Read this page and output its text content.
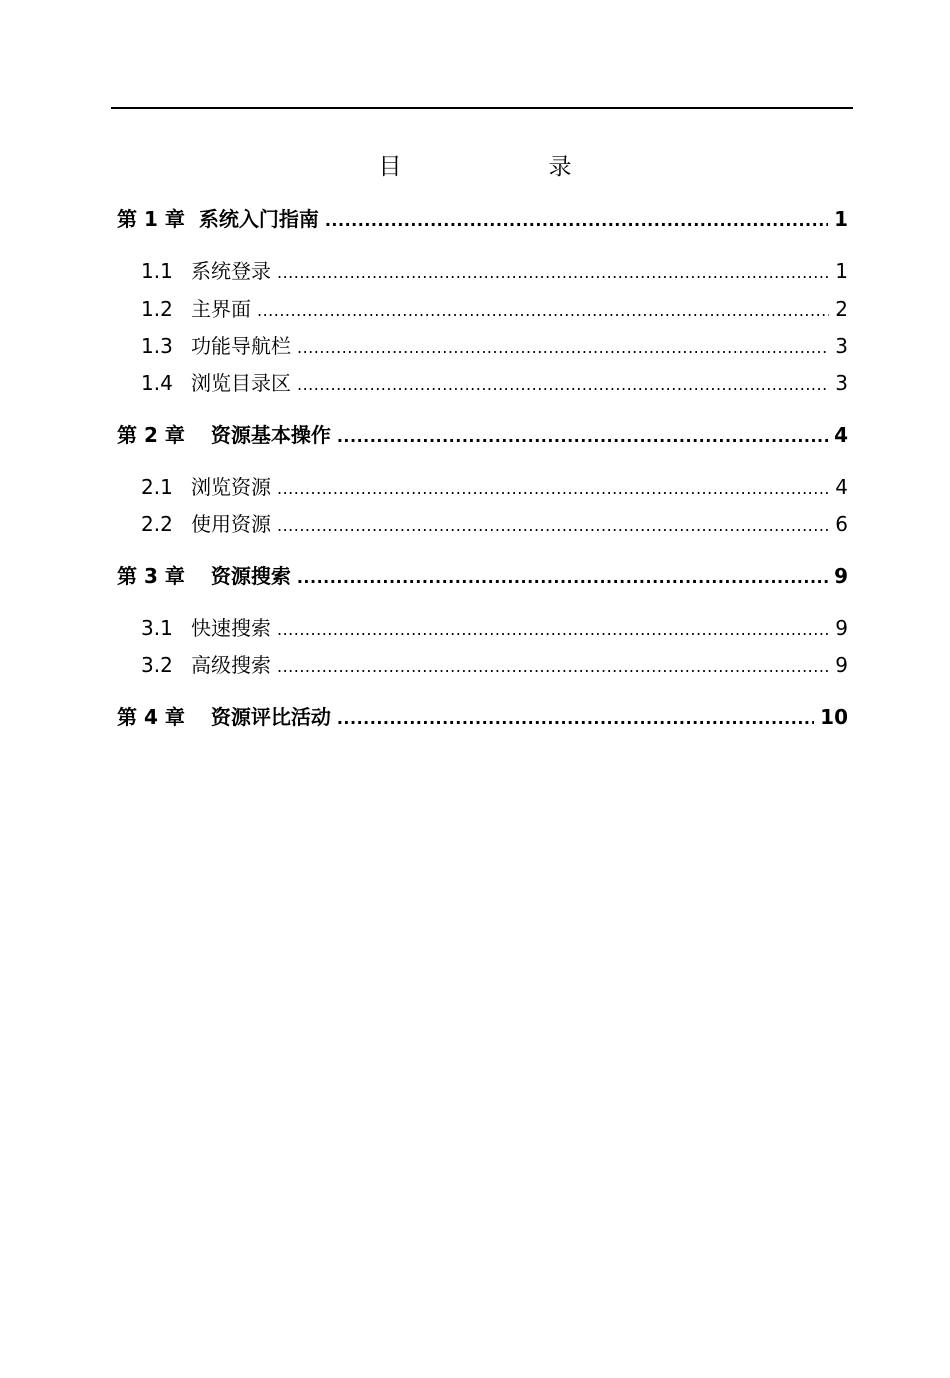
目　录
第 1 章 系统入门指南 .....	1
1.1 系统登录 .....	1
1.2 主界面 .....	2
1.3 功能导航栏 .....	3
1.4 浏览目录区 .....	3
第 2 章 资源基本操作 .....	4
2.1 浏览资源 .....	4
2.2 使用资源 .....	6
第 3 章 资源搜索 .....	9
3.1 快速搜索 .....	9
3.2 高级搜索 .....	9
第 4 章 资源评比活动 .....	10
